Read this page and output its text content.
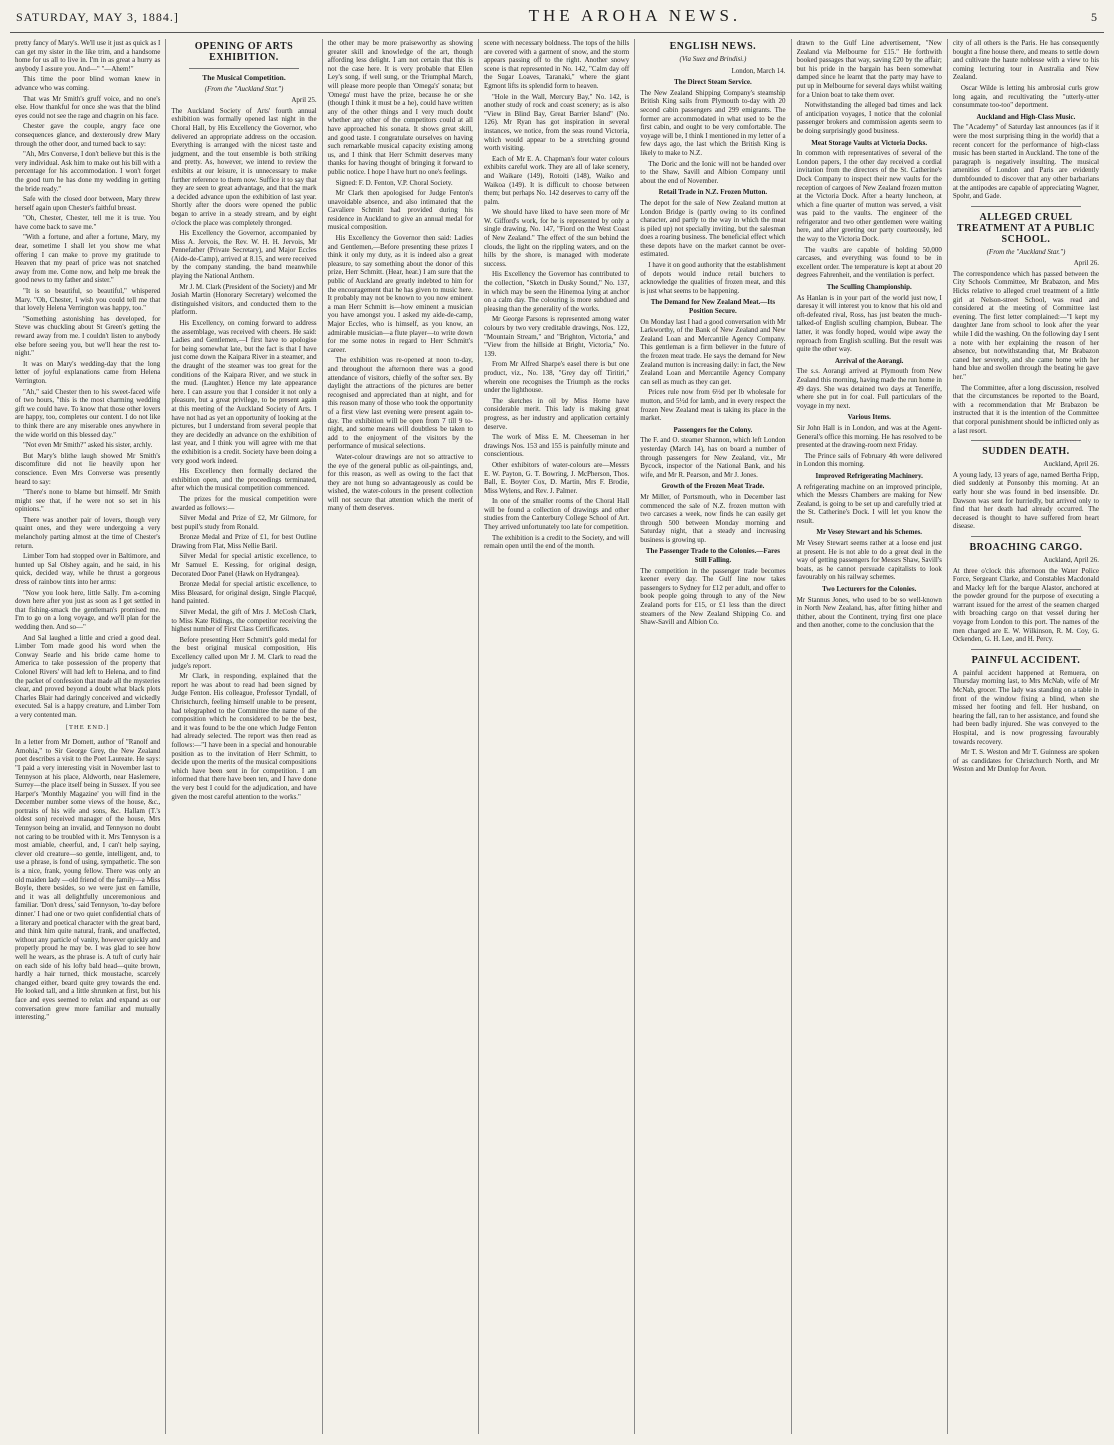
SATURDAY, MAY 3, 1884.]	THE AROHA NEWS.	5

pretty fancy of Mary's. We'll use it just as quick as I can get my sister in the like trim, and a handsome home for us all to live in. I'm in as great a hurry as anybody I assure you. And—" "—Ahem!"

This time the poor blind woman knew in advance who was coming.

That was Mr Smith's gruff voice, and no one's else. How thankful for once she was that the blind eyes could not see the rage and chagrin on his face.

Chester gave the couple, angry face one consequences glance, and dexterously drew Mary through the other door, and turned back to say:

"Ah, Mrs Converse, I don't believe but this is the very individual. Ask him to make out his bill with a percentage for his accommodation. I won't forget the good turn he has done my wedding in getting the bride ready."

Safe with the closed door between, Mary threw herself again upon Chester's faithful breast.

"Oh, Chester, Chester, tell me it is true. You have come back to save me."

"With a fortune, and after a fortune, Mary, my dear, sometime I shall let you show me what offering I can make to prove my gratitude to Heaven that my pearl of price was not snatched away from me. Come now, and help me break the good news to my father and sister."

"It is so beautiful, so beautiful," whispered Mary. "Oh, Chester, I wish you could tell me that that lovely Helena Verrington was happy, too."

"Something astonishing has developed, for Steve was chuckling about St Green's getting the reward away from me. I couldn't listen to anybody else before seeing you, but we'll hear the rest to-night."

It was on Mary's wedding-day that the long letter of joyful explanations came from Helena Verrington.

"Ah," said Chester then to his sweet-faced wife of two hours, "this is the most charming wedding gift we could have. To know that those other lovers are happy, too, completes our content. I do not like to think there are any miserable ones anywhere in the wide world on this blessed day."

"Not even Mr Smith?" asked his sister, archly.

But Mary's blithe laugh showed Mr Smith's discomfiture did not lie heavily upon her conscience. Even Mrs Converse was presently heard to say:

"There's none to blame but himself. Mr Smith might see that, if he were not so set in his opinions."

There was another pair of lovers, though very quaint ones, and they were undergoing a very melancholy parting almost at the time of Chester's return.

Limber Tom had stopped over in Baltimore, and hunted up Sal Olshey again, and he said, in his quick, decided way, while he thrust a gorgeous dress of rainbow tints into her arms:

"Now you look here, little Sally. I'm a-coming down here after you just as soon as I get settled in that fishing-smack the gentleman's promised me. I'm to go on a long voyage, and we'll plan for the wedding then. And so—"

And Sal laughed a little and cried a good deal. Limber Tom made good his word when the Conway Searle and his bride came home to America to take possession of the property that Colonel Rivers' will had left to Helena, and to find the packet of confession that made all the mysteries clear, and proved beyond a doubt what black plots Charles Blair had daringly conceived and wickedly executed. Sal is a happy creature, and Limber Tom a very contented man.

[THE END.]

In a letter from Mr Domett, author of "Ranolf and Amohia," to Sir George Grey, the New Zealand poet describes a visit to the Poet Laureate. He says: "I paid a very interesting visit in November last to Tennyson at his place, Aldworth, near Haslemere, Surrey—the place itself being in Sussex. If you see Harper's 'Monthly Magazine' you will find in the December number some views of the house, &c., portraits of his wife and sons, &c. Hallam (T.'s oldest son) received manager of the house, Mrs Tennyson being an invalid, and Tennyson no doubt not caring to be troubled with it. Mrs Tennyson is a most amiable, cheerful, and, I can't help saying, clever old creature—so gentle, intelligent, and, to use a phrase, is fond of using, sympathetic. The son is a nice, frank, young fellow. There was only an old maiden lady —old friend of the family—a Miss Boyle, there besides, so we were just en famille, and it was all delightfully unceremonious and familiar. 'Don't dress,' said Tennyson, 'to-day before dinner.' I had one or two quiet confidential chats of a literary and poetical character with the great bard, and think him quite natural, frank, and unaffected, without any particle of vanity, however quickly and properly proud he may be. I was glad to see how well he wears, as the phrase is. A tuft of curly hair on each side of his lofty bald head—quite brown, hardly a hair turned, thick moustache, scarcely changed either, beard quite grey towards the end. He looked tall, and a little shrunken at first, but his face and eyes seemed to relax and expand as our conversation grew more familiar and mutually interesting."

OPENING OF ARTS EXHIBITION.
The Musical Competition.
(From the "Auckland Star.")
April 25.

The Auckland Society of Arts' fourth annual exhibition was formally opened last night in the Choral Hall, by His Excellency the Governor, who delivered an appropriate address on the occasion. Everything is arranged with the nicest taste and judgment, and the tout ensemble is both striking and pretty. As, however, we intend to review the exhibits at our leisure, it is unnecessary to make further reference to them now. Suffice it to say that they are seen to great advantage, and that the mark a decided advance upon the exhibition of last year. Shortly after the doors were opened the public began to arrive in a steady stream, and by eight o'clock the place was completely thronged.

His Excellency the Governor, accompanied by Miss A. Jervois, the Rev. W. H. H. Jervois, Mr Pennefather (Private Secretary), and Major Eccles (Aide-de-Camp), arrived at 8.15, and were received by the company standing, the band meanwhile playing the National Anthem.

Mr J. M. Clark (President of the Society) and Mr Josiah Martin (Honorary Secretary) welcomed the distinguished visitors, and conducted them to the platform.

His Excellency, on coming forward to address the assemblage, was received with cheers. He said: Ladies and Gentlemen,—I first have to apologise for being somewhat late, but the fact is that I have just come down the Kaipara River in a steamer, and the draught of the steamer was too great for the conditions of the Kaipara River, and we stuck in the mud. (Laughter.) Hence my late appearance here. I can assure you that I consider it not only a pleasure, but a great privilege, to be present again at this meeting of the Auckland Society of Arts. I have not had as yet an opportunity of looking at the pictures, but I understand from several people that they are decidedly an advance on the exhibition of last year, and I think you will agree with me that the exhibition is a credit. Society have been doing a very good work indeed.

His Excellency then formally declared the exhibition open, and the proceedings terminated, after which the musical competition commenced.

The prizes for the musical competition were awarded as follows:—

Silver Medal and Prize of £2, Mr Gilmore, for best pupil's study from Ronald.

Bronze Medal and Prize of £1, for best Outline Drawing from Flat, Miss Nellie Baril.

Silver Medal for special artistic excellence, to Mr Samuel E. Kessing, for original design, Decorated Door Panel (Hawk on Hydrangea).

Bronze Medal for special artistic excellence, to Miss Bleasard, for original design, Single Placqué, hand painted.

Silver Medal, the gift of Mrs J. McCosh Clark, to Miss Kate Ridings, the competitor receiving the highest number of First Class Certificates.

Before presenting Herr Schmitt's gold medal for the best original musical composition, His Excellency called upon Mr J. M. Clark to read the judge's report.

Mr Clark, in responding, explained that the report he was about to read had been signed by Judge Fenton. His colleague, Professor Tyndall, of Christchurch, feeling himself unable to be present, had telegraphed to the Committee the name of the composition which he considered to be the best, and it was found to be the one which Judge Fenton had already selected. The report was then read as follows:—"I have been in a special and honourable position as to the invitation of Herr Schmitt, to decide upon the merits of the musical compositions which have been sent in for competition. I am informed that there have been ten, and I have done the very best I could for the adjudication, and have given the most careful attention to the works."

the other may be more praiseworthy as showing greater skill and knowledge of the art, though affording less delight. I am not certain that this is not the case here. It is very probable that Ellen Ley's song, if well sung, or the Triumphal March, will please more people than 'Omega's' sonata; but 'Omega' must have the prize, because he or she (though I think it must be a he), could have written any of the other things and I very much doubt whether any other of the competitors could at all have approached his sonata. It shows great skill, and good taste. I congratulate ourselves on having such remarkable musical capacity existing among us, and I think that Herr Schmitt deserves many thanks for having thought of bringing it forward to public notice. I hope I have hurt no one's feelings.

Signed: F. D. Fenton, V.P. Choral Society.

Mr Clark then apologised for Judge Fenton's unavoidable absence, and also intimated that the Cavaliere Schmitt had provided during his residence in Auckland to give an annual medal for musical composition.

His Excellency the Governor then said: Ladies and Gentlemen,—Before presenting these prizes I think it only my duty, as it is indeed also a great pleasure, to say something about the donor of this prize, Herr Schmitt. (Hear, hear.) I am sure that the public of Auckland are greatly indebted to him for the encouragement that he has given to music here. It probably may not be known to you now eminent a man Herr Schmitt is—how eminent a musician you have amongst you. I asked my aide-de-camp, Major Eccles, who is himself, as you know, an admirable musician—a flute player—to write down for me some notes in regard to Herr Schmitt's career.

The exhibition was re-opened at noon to-day, and throughout the afternoon there was a good attendance of visitors, chiefly of the softer sex. By daylight the attractions of the pictures are better recognised and appreciated than at night, and for this reason many of those who took the opportunity of a first view last evening were present again to-day. The exhibition will be open from 7 till 9 to-night, and some means will doubtless be taken to add to the enjoyment of the visitors by the performance of musical selections.

Water-colour drawings are not so attractive to the eye of the general public as oil-paintings, and, for this reason, as well as owing to the fact that they are not hung so advantageously as could be wished, the water-colours in the present collection will not secure that attention which the merit of many of them deserves.

scene with necessary boldness. The tops of the hills are covered with a garment of snow, and the storm appears passing off to the right. Another snowy scene is that represented in No. 142, "Calm day off the Sugar Loaves, Taranaki," where the giant Egmont lifts its splendid form to heaven.

"Hole in the Wall, Mercury Bay," No. 142, is another study of rock and coast scenery; as is also "View in Blind Bay, Great Barrier Island" (No. 126). Mr Ryan has got inspiration in several instances, we notice, from the seas round Victoria, which would appear to be a stretching ground worth visiting.

Each of Mr E. A. Chapman's four water colours exhibits careful work. They are all of lake scenery, and Waikare (149), Rotoiti (148), Waiko and Waikoa (149). It is difficult to choose between them; but perhaps No. 142 deserves to carry off the palm.

We should have liked to have seen more of Mr W. Gifford's work, for he is represented by only a single drawing, No. 147, "Fiord on the West Coast of New Zealand." The effect of the sun behind the clouds, the light on the rippling waters, and on the hills by the shore, is managed with moderate success.

His Excellency the Governor has contributed to the collection, "Sketch in Dusky Sound," No. 137, in which may be seen the Hinemoa lying at anchor on a calm day. The colouring is more subdued and pleasing than the generality of the works.

Mr George Parsons is represented among water colours by two very creditable drawings, Nos. 122, "Mountain Stream," and "Brighton, Victoria," and "View from the hillside at Bright, Victoria," No. 139.

From Mr Alfred Sharpe's easel there is but one product, viz., No. 138, "Grey day off Tiritiri," wherein one recognises the Triumph as the rocks under the lighthouse.

The sketches in oil by Miss Horne have considerable merit. This lady is making great progress, as her industry and application certainly deserve.

The work of Miss E. M. Cheeseman in her drawings Nos. 153 and 155 is painfully minute and conscientious.

Other exhibitors of water-colours are—Messrs E. W. Payton, G. T. Bowring, J. McPherson, Thos. Ball, E. Boyter Cox, D. Martin, Mrs F. Brodie, Miss Wylens, and Rev. J. Palmer.

In one of the smaller rooms of the Choral Hall will be found a collection of drawings and other studies from the Canterbury College School of Art. They arrived unfortunately too late for competition.

The exhibition is a credit to the Society, and will remain open until the end of the month.

ENGLISH NEWS.
(Via Suez and Brindisi.)
London, March 14.
The Direct Steam Service.

The New Zealand Shipping Company's steamship British King sails from Plymouth to-day with 20 second cabin passengers and 299 emigrants. The former are accommodated in what used to be the first cabin, and ought to be very comfortable. The voyage will be, I think I mentioned in my letter of a few days ago, the last which the British King is likely to make to N.Z.

The Doric and the Ionic will not be handed over to the Shaw, Savill and Albion Company until about the end of November.

Retail Trade in N.Z. Frozen Mutton.

The depot for the sale of New Zealand mutton at London Bridge is (partly owing to its confined character, and partly to the way in which the meat is piled up) not specially inviting, but the salesman does a roaring business. The beneficial effect which these depots have on the market cannot be over-estimated.

I have it on good authority that the establishment of depots would induce retail butchers to acknowledge the qualities of frozen meat, and this is just what seems to be happening.

The Demand for New Zealand Meat.—Its Position Secure.

On Monday last I had a good conversation with Mr Larkworthy, of the Bank of New Zealand and New Zealand Loan and Mercantile Agency Company. This gentleman is a firm believer in the future of the frozen meat trade. He says the demand for New Zealand mutton is increasing daily: in fact, the New Zealand Loan and Mercantile Agency Company can sell as much as they can get.

Prices rule now from 6½d per lb wholesale for mutton, and 5½d for lamb, and in every respect the frozen New Zealand meat is taking its place in the market.

Passengers for the Colony.

The F. and O. steamer Shannon, which left London yesterday (March 14), has on board a number of through passengers for New Zealand, viz., Mr Bycock, inspector of the National Bank, and his wife, and Mr R. Pearson, and Mr J. Jones.

Growth of the Frozen Meat Trade.

Mr Miller, of Portsmouth, who in December last commenced the sale of N.Z. frozen mutton with two carcases a week, now finds he can easily get through 500 between Monday morning and Saturday night, that a steady and increasing business is growing up.

The Passenger Trade to the Colonies.—Fares Still Falling.

The competition in the passenger trade becomes keener every day. The Gulf line now takes passengers to Sydney for £12 per adult, and offer to book people going through to any of the New Zealand ports for £15, or £1 less than the direct steamers of the New Zealand Shipping Co. and Shaw-Savill and Albion Co.

drawn to the Gulf Line advertisement, "New Zealand via Melbourne for £15." He forthwith booked passages that way, saving £20 by the affair; but his pride in the bargain has been somewhat damped since he learnt that the party may have to put up in Melbourne for several days whilst waiting for a Union boat to take them over.

Notwithstanding the alleged bad times and lack of anticipation voyages, I notice that the colonial passenger brokers and commission agents seem to be doing surprisingly good business.

Meat Storage Vaults at Victoria Docks.

In common with representatives of several of the London papers, I the other day received a cordial invitation from the directors of the St. Catherine's Dock Company to inspect their new vaults for the reception of cargoes of New Zealand frozen mutton at the Victoria Dock. After a hearty luncheon, at which a fine quarter of mutton was served, a visit was paid to the vaults. The engineer of the refrigerator and two other gentlemen were waiting here, and after greeting our party courteously, led the way to the Victoria Dock.

The vaults are capable of holding 50,000 carcases, and everything was found to be in excellent order. The temperature is kept at about 20 degrees Fahrenheit, and the ventilation is perfect.

The Sculling Championship.

As Hanlan is in your part of the world just now, I daresay it will interest you to know that his old and oft-defeated rival, Ross, has just beaten the much-talked-of English sculling champion, Bubear. The latter, it was fondly hoped, would wipe away the reproach from English sculling. But the result was quite the other way.

Arrival of the Aorangi.

The s.s. Aorangi arrived at Plymouth from New Zealand this morning, having made the run home in 49 days. She was detained two days at Teneriffe, where she put in for coal. Full particulars of the voyage in my next.

Various Items.

Sir John Hall is in London, and was at the Agent-General's office this morning. He has resolved to be presented at the drawing-room next Friday.

The Prince sails of February 4th were delivered in London this morning.

Improved Refrigerating Machinery.

A refrigerating machine on an improved principle, which the Messrs Chambers are making for New Zealand, is going to be set up and carefully tried at the St. Catherine's Dock. I will let you know the result.

Mr Vesey Stewart and his Schemes.

Mr Vesey Stewart seems rather at a loose end just at present. He is not able to do a great deal in the way of getting passengers for Messrs Shaw, Savill's boats, as he cannot persuade capitalists to look favourably on his railway schemes.

Two Lecturers for the Colonies.

Mr Stannus Jones, who used to be so well-known in North New Zealand, has, after fitting hither and thither, about the Continent, trying first one place and then another, come to the conclusion that the

city of all others is the Paris. He has consequently bought a fine house there, and means to settle down and cultivate the haute noblesse with a view to his coming lecturing tour in Australia and New Zealand.

Oscar Wilde is letting his ambrosial curls grow long again, and recultivating the "utterly-utter consummate too-too" deportment.

Auckland and High-Class Music.

The "Academy" of Saturday last announces (as if it were the most surprising thing in the world) that a recent concert for the performance of high-class music has been started in Auckland. The tone of the paragraph is negatively insulting. The musical amenities of London and Paris are evidently dumbfounded to discover that any other barbarians at the antipodes are capable of appreciating Wagner, Spohr, and Gade.

ALLEGED CRUEL TREATMENT AT A PUBLIC SCHOOL.
(From the "Auckland Star.")
April 26.

The correspondence which has passed between the City Schools Committee, Mr Brabazon, and Mrs Hicks relative to alleged cruel treatment of a little girl at Nelson-street School, was read and considered at the meeting of Committee last evening. The first letter complained:—"I kept my daughter Jane from school to look after the year while I did the washing. On the following day I sent a note with her explaining the reason of her absence, but notwithstanding that, Mr Brabazon caned her severely, and she came home with her hand blue and swollen through the beating he gave her."

The Committee, after a long discussion, resolved that the circumstances be reported to the Board, with a recommendation that Mr Brabazon be instructed that it is the intention of the Committee that corporal punishment should be inflicted only as a last resort.

SUDDEN DEATH.
Auckland, April 26.

A young lady, 13 years of age, named Bertha Fripp, died suddenly at Ponsonby this morning. At an early hour she was found in bed insensible. Dr. Dawson was sent for hurriedly, but arrived only to find that her death had already occurred. The deceased is thought to have suffered from heart disease.

BROACHING CARGO.
Auckland, April 26.

At three o'clock this afternoon the Water Police Force, Sergeant Clarke, and Constables Macdonald and Macky left for the barque Alastor, anchored at the powder ground for the purpose of executing a warrant issued for the arrest of the seamen charged with broaching cargo on that vessel during her voyage from London to this port. The names of the men charged are E. W. Wilkinson, R. M. Coy, G. Ockenden, G. H. Lee, and H. Percy.

PAINFUL ACCIDENT.

A painful accident happened at Remuera, on Thursday morning last, to Mrs McNab, wife of Mr McNab, grocer. The lady was standing on a table in front of the window fixing a blind, when she missed her footing and fell. Her husband, on hearing the fall, ran to her assistance, and found she had been badly injured. She was conveyed to the Hospital, and is now progressing favourably towards recovery.

Mr T. S. Weston and Mr T. Guinness are spoken of as candidates for Christchurch North, and Mr Weston and Mr Dunlop for Avon.
